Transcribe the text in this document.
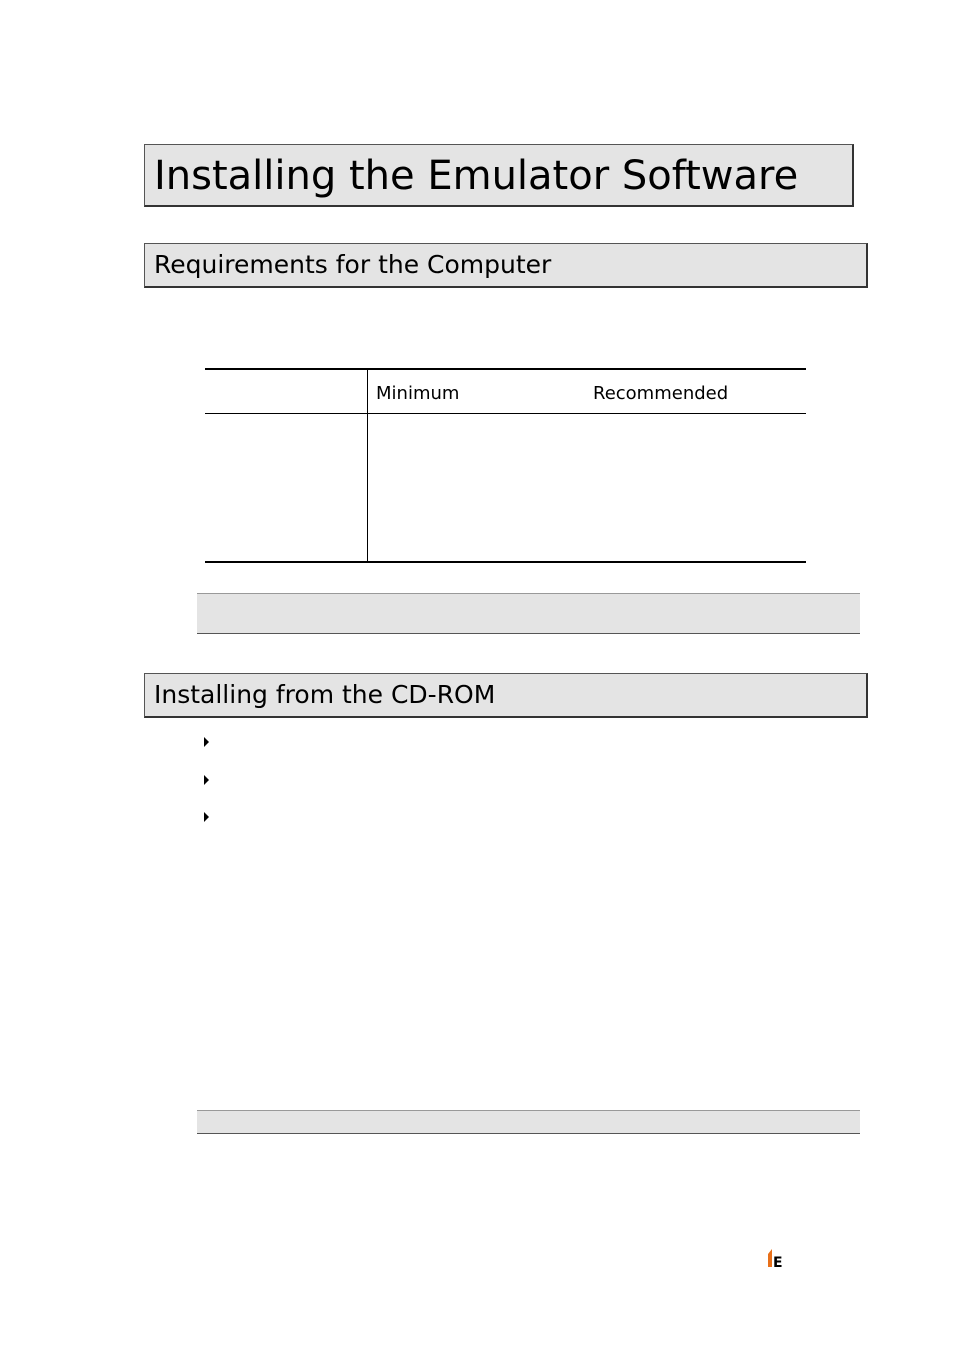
Installing the Emulator Software
Requirements for the Computer
Minimum	Recommended
Installing from the CD-ROM
E
